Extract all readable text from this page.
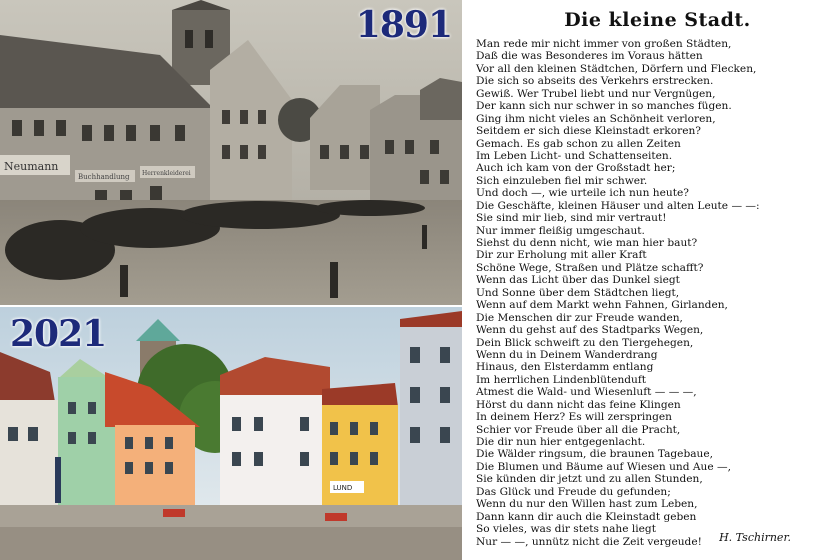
Neumann
Buchhandlung Herrenkleiderei
1891
LUND
2021
Die kleine Stadt.
Man rede mir nicht immer von großen Städten,
Daß die was Besonderes im Voraus hätten
Vor all den kleinen Städtchen, Dörfern und Flecken,
Die sich so abseits des Verkehrs erstrecken.
Gewiß. Wer Trubel liebt und nur Vergnügen,
Der kann sich nur schwer in so manches fügen.
Ging ihm nicht vieles an Schönheit verloren,
Seitdem er sich diese Kleinstadt erkoren?
Gemach. Es gab schon zu allen Zeiten
Im Leben Licht- und Schattenseiten.
Auch ich kam von der Großstadt her;
Sich einzuleben fiel mir schwer.
Und doch —, wie urteile ich nun heute?
Die Geschäfte, kleinen Häuser und alten Leute — —:
Sie sind mir lieb, sind mir vertraut!
Nur immer fleißig umgeschaut.
Siehst du denn nicht, wie man hier baut?
Dir zur Erholung mit aller Kraft
Schöne Wege, Straßen und Plätze schafft?
Wenn das Licht über das Dunkel siegt
Und Sonne über dem Städtchen liegt,
Wenn auf dem Markt wehn Fahnen, Girlanden,
Die Menschen dir zur Freude wanden,
Wenn du gehst auf des Stadtparks Wegen,
Dein Blick schweift zu den Tiergehegen,
Wenn du in Deinem Wanderdrang
Hinaus, den Elsterdamm entlang
Im herrlichen Lindenblütenduft
Atmest die Wald- und Wiesenluft — — —,
Hörst du dann nicht das feine Klingen
In deinem Herz? Es will zerspringen
Schier vor Freude über all die Pracht,
Die dir nun hier entgegenlacht.
Die Wälder ringsum, die braunen Tagebaue,
Die Blumen und Bäume auf Wiesen und Aue —,
Sie künden dir jetzt und zu allen Stunden,
Das Glück und Freude du gefunden;
Wenn du nur den Willen hast zum Leben,
Dann kann dir auch die Kleinstadt geben
So vieles, was dir stets nahe liegt
Nur — —, unnütz nicht die Zeit vergeude!	H. Tschirner.
